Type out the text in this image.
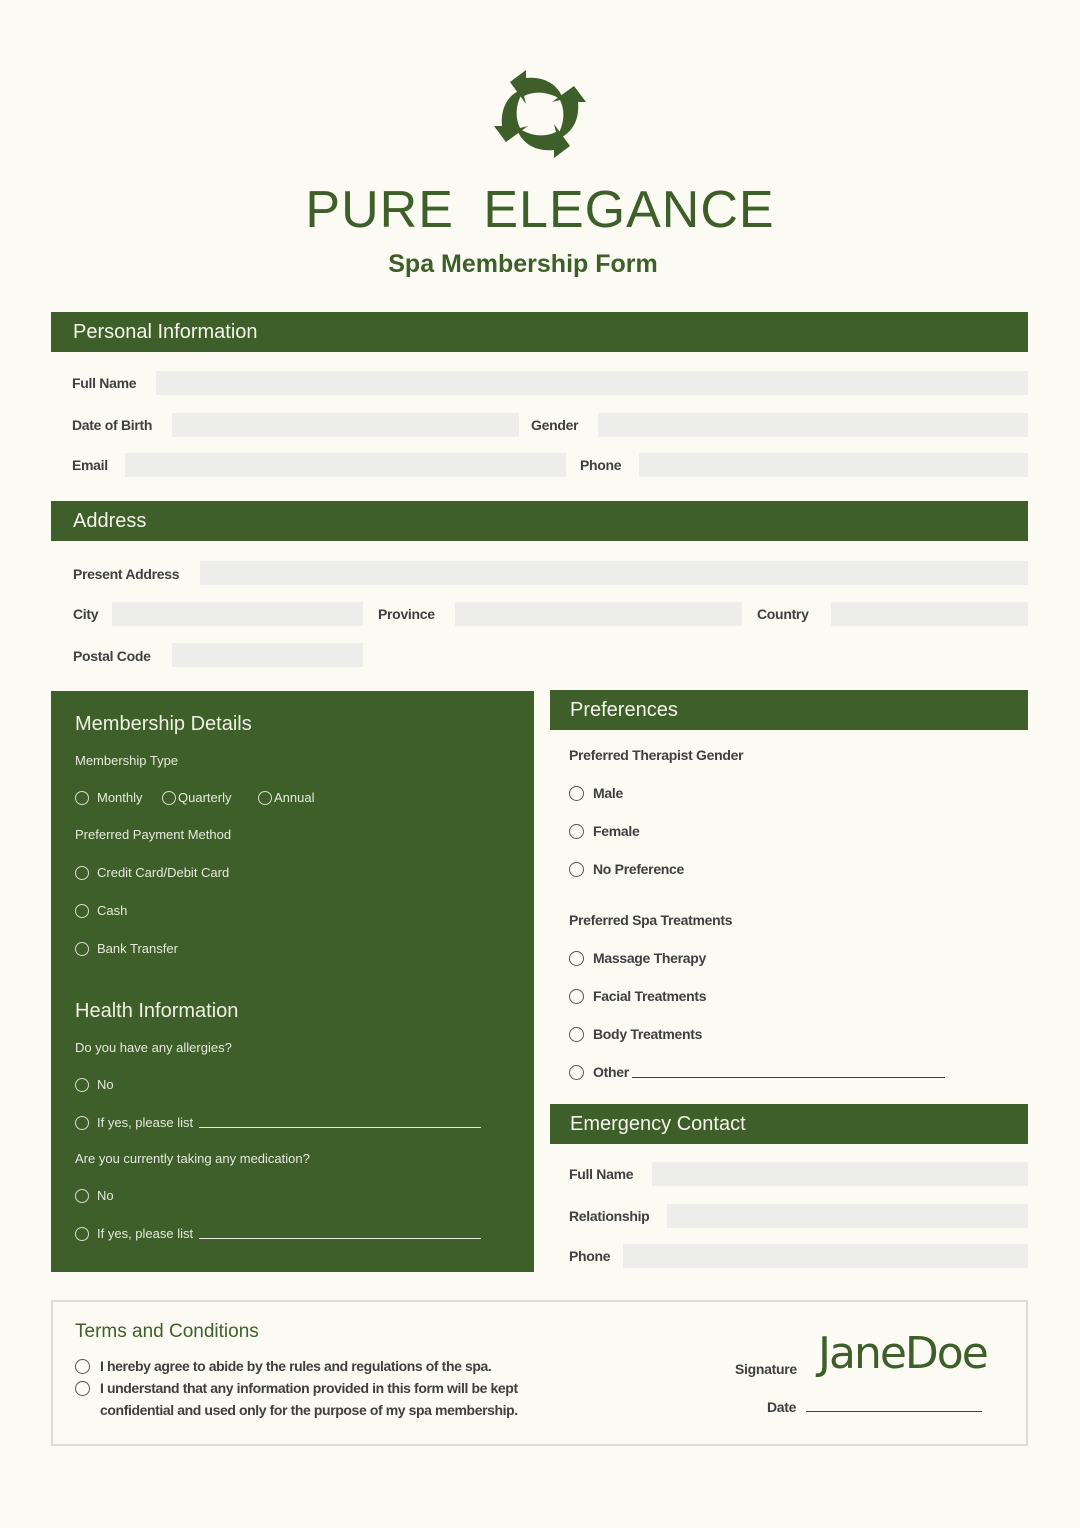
PURE ELEGANCE
Spa Membership Form
Personal Information
Full Name
Date of Birth	Gender
Email	Phone
Address
Present Address
City	Province	Country
Postal Code
Membership Details
Membership Type
Monthly	Quarterly	Annual
Preferred Payment Method
Credit Card/Debit Card
Cash
Bank Transfer
Health Information
Do you have any allergies?
No
If yes, please list
Are you currently taking any medication?
No
If yes, please list
Preferences
Preferred Therapist Gender
Male
Female
No Preference
Preferred Spa Treatments
Massage Therapy
Facial Treatments
Body Treatments
Other
Emergency Contact
Full Name
Relationship
Phone
Terms and Conditions
I hereby agree to abide by the rules and regulations of the spa.
I understand that any information provided in this form will be kept
confidential and used only for the purpose of my spa membership.
Signature JaneDoe
Date
